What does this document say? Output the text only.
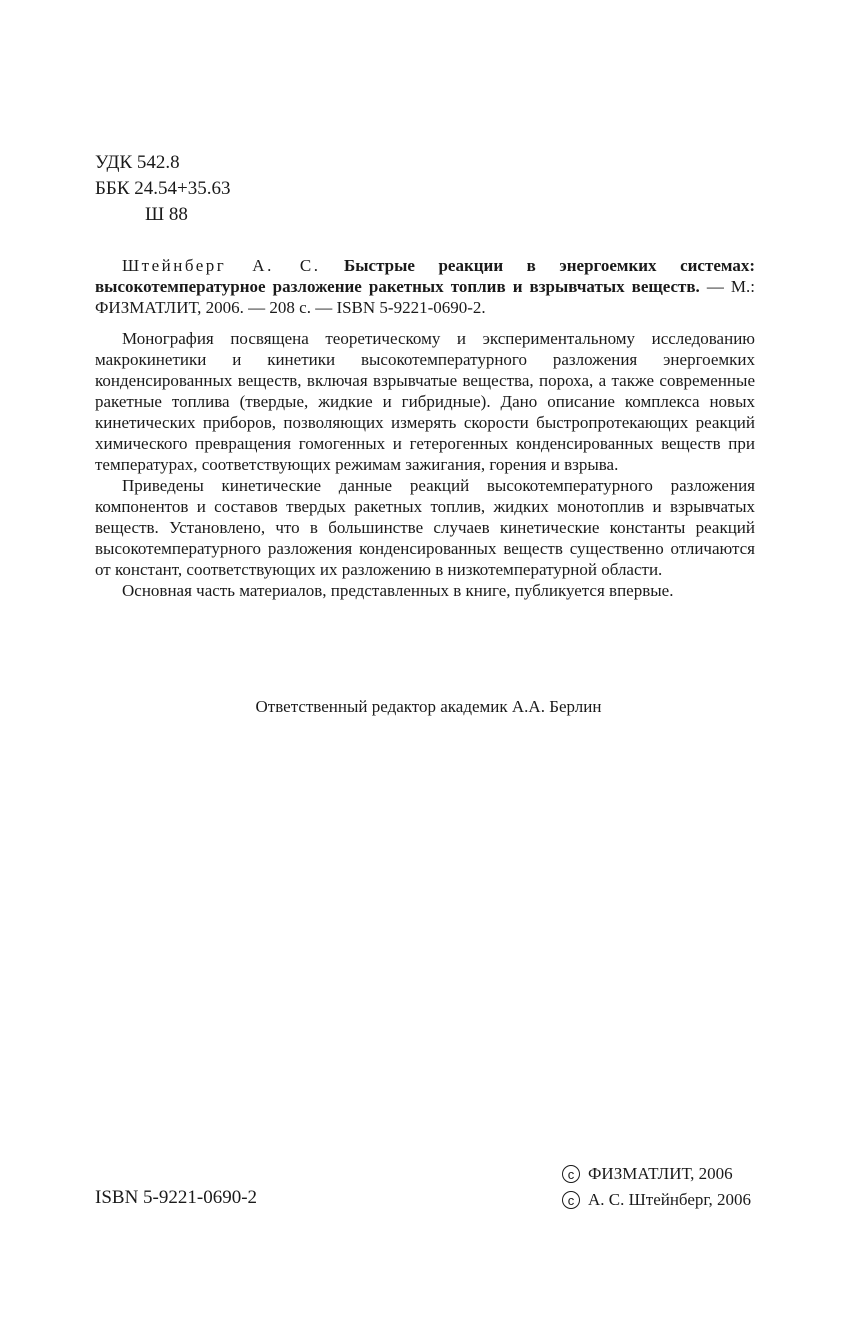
УДК 542.8
ББК 24.54+35.63
Ш 88

Штейнберг А. С. Быстрые реакции в энергоемких системах: высокотемпературное разложение ракетных топлив и взрывчатых веществ. — М.: ФИЗМАТЛИТ, 2006. — 208 с. — ISBN 5-9221-0690-2.

Монография посвящена теоретическому и экспериментальному исследованию макрокинетики и кинетики высокотемпературного разложения энергоемких конденсированных веществ, включая взрывчатые вещества, пороха, а также современные ракетные топлива (твердые, жидкие и гибридные). Дано описание комплекса новых кинетических приборов, позволяющих измерять скорости быстропротекающих реакций химического превращения гомогенных и гетерогенных конденсированных веществ при температурах, соответствующих режимам зажигания, горения и взрыва.

Приведены кинетические данные реакций высокотемпературного разложения компонентов и составов твердых ракетных топлив, жидких монотоплив и взрывчатых веществ. Установлено, что в большинстве случаев кинетические константы реакций высокотемпературного разложения конденсированных веществ существенно отличаются от констант, соответствующих их разложению в низкотемпературной области.

Основная часть материалов, представленных в книге, публикуется впервые.

Ответственный редактор академик А.А. Берлин
ISBN 5-9221-0690-2
c ФИЗМАТЛИТ, 2006
c А. С. Штейнберг, 2006
